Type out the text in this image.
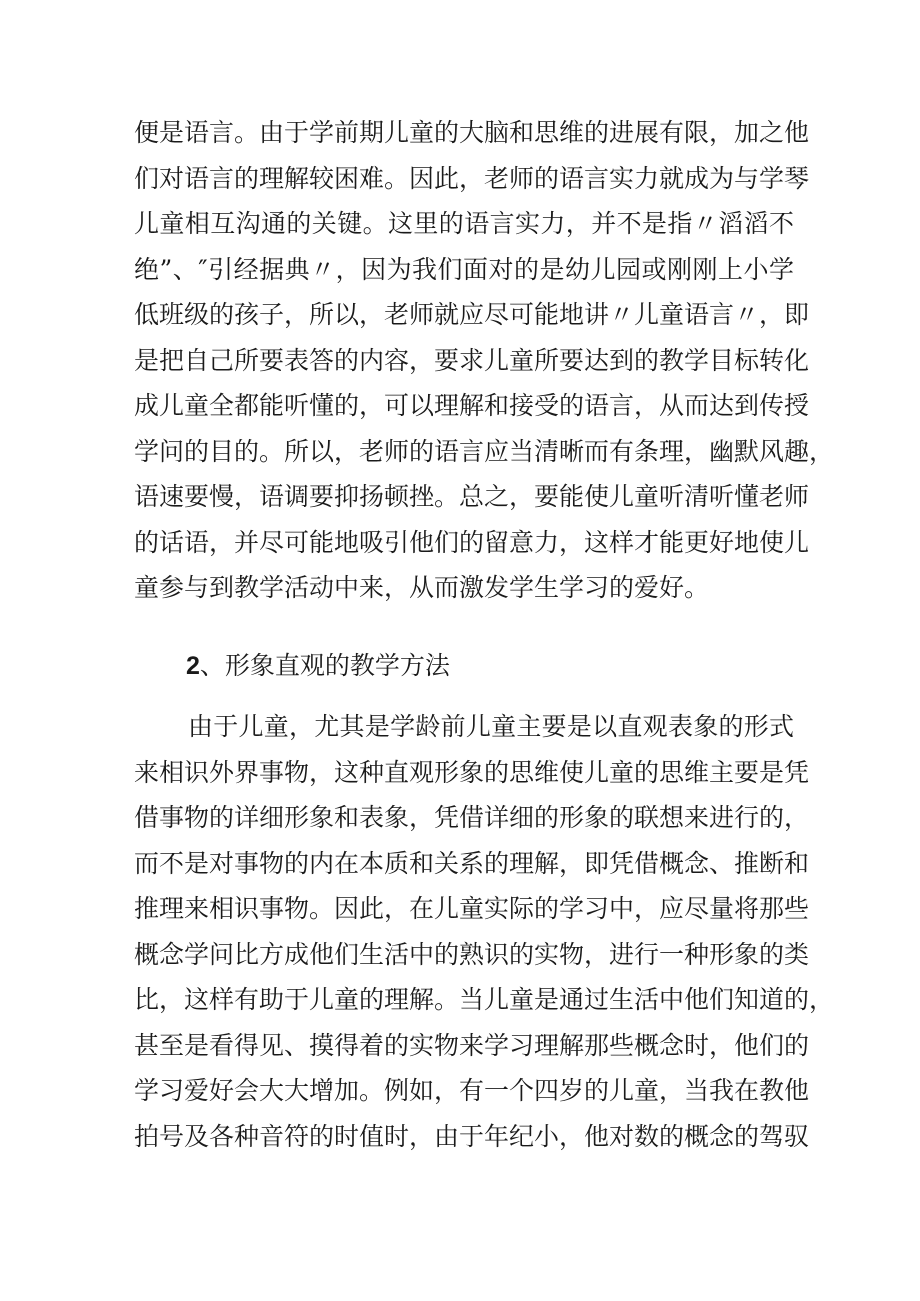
便是语言。由于学前期儿童的大脑和思维的进展有限，加之他
们对语言的理解较困难。因此，老师的语言实力就成为与学琴
儿童相互沟通的关键。这里的语言实力，并不是指〃滔滔不
绝”、″引经据典〃，因为我们面对的是幼儿园或刚刚上小学
低班级的孩子，所以，老师就应尽可能地讲〃儿童语言〃，即
是把自己所要表答的内容，要求儿童所要达到的教学目标转化
成儿童全都能听懂的，可以理解和接受的语言，从而达到传授
学问的目的。所以，老师的语言应当清晰而有条理，幽默风趣，
语速要慢，语调要抑扬顿挫。总之，要能使儿童听清听懂老师
的话语，并尽可能地吸引他们的留意力，这样才能更好地使儿
童参与到教学活动中来，从而激发学生学习的爱好。
2、形象直观的教学方法
由于儿童，尤其是学龄前儿童主要是以直观表象的形式
来相识外界事物，这种直观形象的思维使儿童的思维主要是凭
借事物的详细形象和表象，凭借详细的形象的联想来进行的，
而不是对事物的内在本质和关系的理解，即凭借概念、推断和
推理来相识事物。因此，在儿童实际的学习中，应尽量将那些
概念学问比方成他们生活中的熟识的实物，进行一种形象的类
比，这样有助于儿童的理解。当儿童是通过生活中他们知道的，
甚至是看得见、摸得着的实物来学习理解那些概念时，他们的
学习爱好会大大增加。例如，有一个四岁的儿童，当我在教他
拍号及各种音符的时值时，由于年纪小，他对数的概念的驾驭
